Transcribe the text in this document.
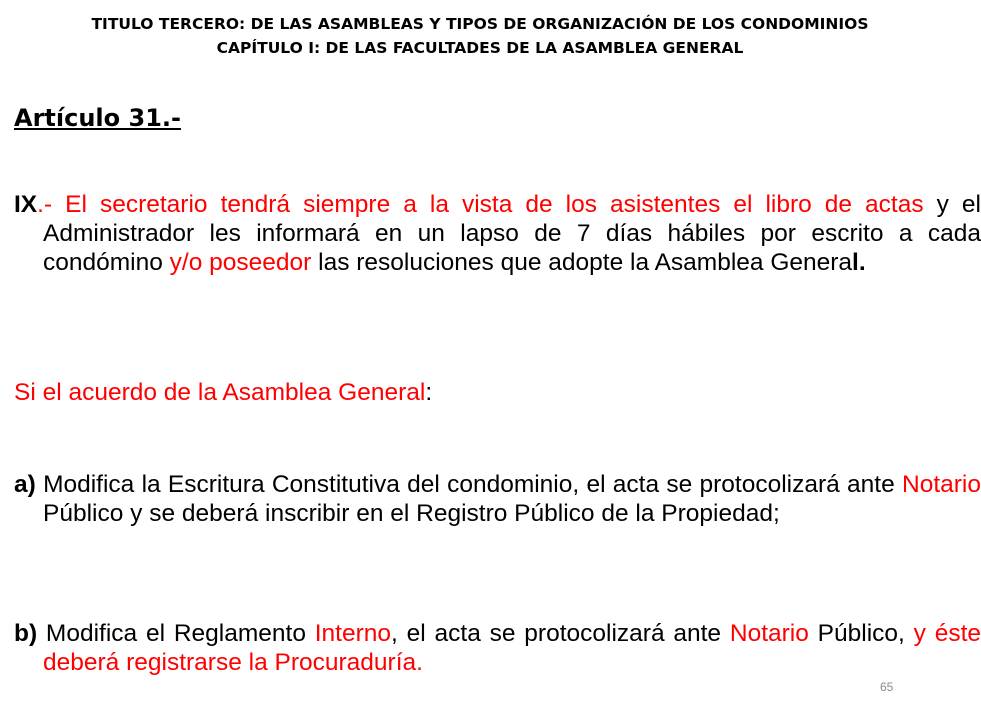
TITULO TERCERO: DE LAS ASAMBLEAS Y TIPOS DE ORGANIZACIÓN DE LOS CONDOMINIOS
CAPÍTULO I: DE LAS FACULTADES DE LA ASAMBLEA GENERAL

Artículo 31.-

IX.- El secretario tendrá siempre a la vista de los asistentes el libro de actas y el Administrador les informará en un lapso de 7 días hábiles por escrito a cada condómino y/o poseedor las resoluciones que adopte la Asamblea General.

Si el acuerdo de la Asamblea General:

a) Modifica la Escritura Constitutiva del condominio, el acta se protocolizará ante Notario Público y se deberá inscribir en el Registro Público de la Propiedad;

b) Modifica el Reglamento Interno, el acta se protocolizará ante Notario Público, y éste deberá registrarse la Procuraduría.

65
